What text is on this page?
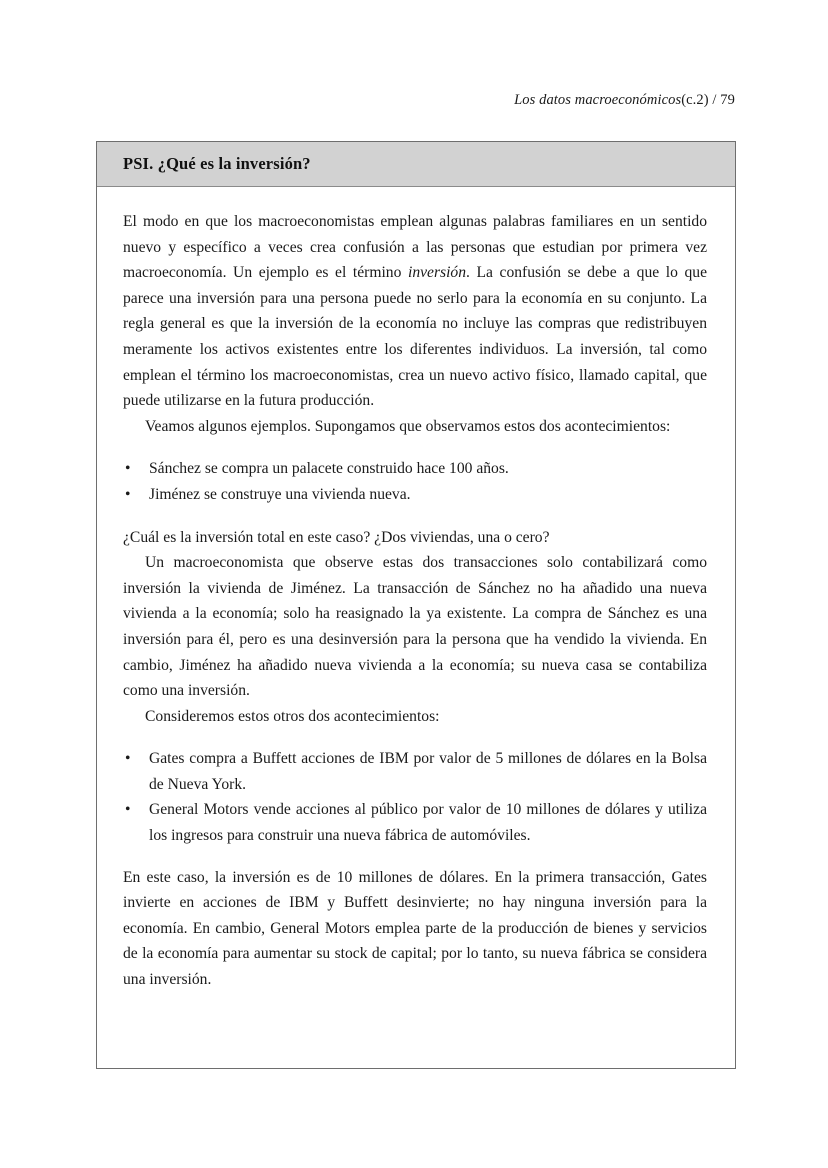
Los datos macroeconómicos(c.2) / 79
PSI. ¿Qué es la inversión?

El modo en que los macroeconomistas emplean algunas palabras familiares en un sentido nuevo y específico a veces crea confusión a las personas que estudian por primera vez macroeconomía. Un ejemplo es el término inversión. La confusión se debe a que lo que parece una inversión para una persona puede no serlo para la economía en su conjunto. La regla general es que la inversión de la economía no incluye las compras que redistribuyen meramente los activos existentes entre los diferentes individuos. La inversión, tal como emplean el término los macroeconomistas, crea un nuevo activo físico, llamado capital, que puede utilizarse en la futura producción.

Veamos algunos ejemplos. Supongamos que observamos estos dos acontecimientos:

• Sánchez se compra un palacete construido hace 100 años.
• Jiménez se construye una vivienda nueva.

¿Cuál es la inversión total en este caso? ¿Dos viviendas, una o cero?

Un macroeconomista que observe estas dos transacciones solo contabilizará como inversión la vivienda de Jiménez. La transacción de Sánchez no ha añadido una nueva vivienda a la economía; solo ha reasignado la ya existente. La compra de Sánchez es una inversión para él, pero es una desinversión para la persona que ha vendido la vivienda. En cambio, Jiménez ha añadido nueva vivienda a la economía; su nueva casa se contabiliza como una inversión.

Consideremos estos otros dos acontecimientos:

• Gates compra a Buffett acciones de IBM por valor de 5 millones de dólares en la Bolsa de Nueva York.
• General Motors vende acciones al público por valor de 10 millones de dólares y utiliza los ingresos para construir una nueva fábrica de automóviles.

En este caso, la inversión es de 10 millones de dólares. En la primera transacción, Gates invierte en acciones de IBM y Buffett desinvierte; no hay ninguna inversión para la economía. En cambio, General Motors emplea parte de la producción de bienes y servicios de la economía para aumentar su stock de capital; por lo tanto, su nueva fábrica se considera una inversión.
